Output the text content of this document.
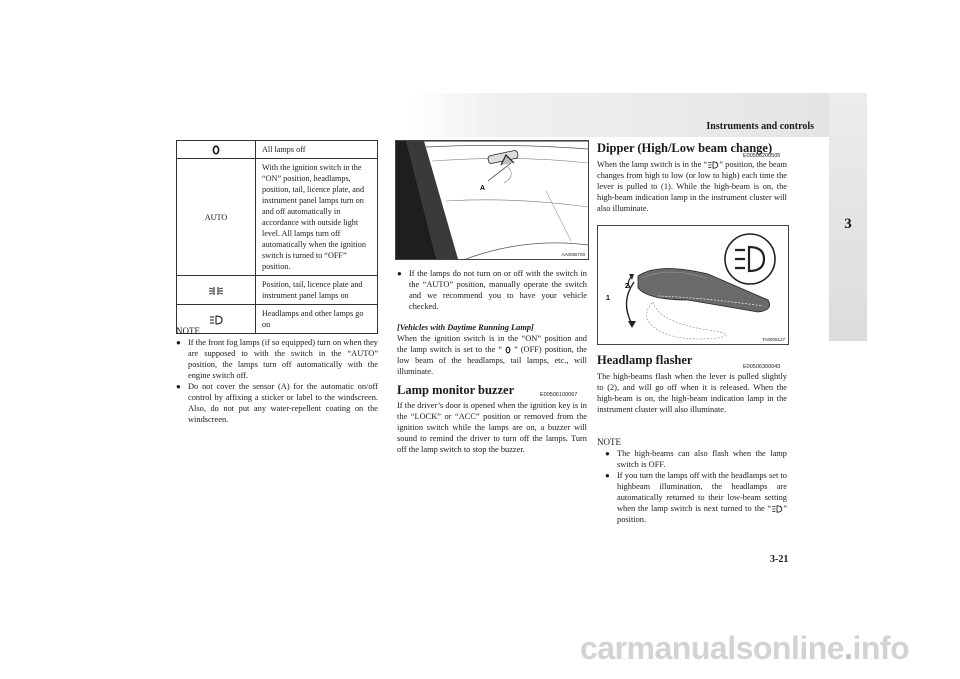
Instruments and controls
3
	All lamps off
AUTO	With the ignition switch in the “ON” position, headlamps, position, tail, licence plate, and instrument panel lamps turn on and off automatically in accordance with outside light level. All lamps turn off automatically when the ignition switch is turned to “OFF” position.
	Position, tail, licence plate and instrument panel lamps on
	Headlamps and other lamps go on
NOTE

● If the front fog lamps (if so equipped) turn on when they are supposed to with the switch in the “AUTO” position, the lamps turn off automatically with the engine switch off.

● Do not cover the sensor (A) for the automatic on/off control by affixing a sticker or label to the windscreen. Also, do not put any water-repellent coating on the windscreen.

A
AA0056700

● If the lamps do not turn on or off with the switch in the “AUTO” position, manually operate the switch and we recommend you to have your vehicle checked.

[Vehicles with Daytime Running Lamp]
When the ignition switch is in the “ON” position and the lamp switch is set to the “  ” (OFF) position, the low beam of the headlamps, tail lamps, etc., will illuminate.
Lamp monitor buzzer	E00506100067
If the driver’s door is opened when the ignition key is in the “LOCK” or “ACC” position or removed from the ignition switch while the lamps are on, a buzzer will sound to remind the driver to turn off the lamps. Turn off the lamp switch to stop the buzzer.
Dipper (High/Low beam change)
E00506200505
When the lamp switch is in the “ ” position, the beam changes from high to low (or low to high) each time the lever is pulled to (1). While the high-beam is on, the high-beam indication lamp in the instrument cluster will also illuminate.
1
2
TA0009127
Headlamp flasher	E00506300043
The high-beams flash when the lever is pulled slightly to (2), and will go off when it is released. When the high-beam is on, the high-beam indication lamp in the instrument cluster will also illuminate.
NOTE

● The high-beams can also flash when the lamp switch is OFF.

● If you turn the lamps off with the headlamps set to highbeam illumination, the headlamps are automatically returned to their low-beam setting when the lamp switch is next turned to the “ ” position.

3-21
carmanualsonline.info
